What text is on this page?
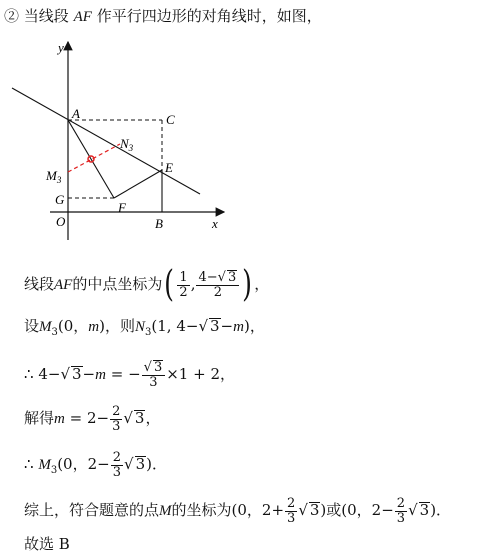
② 当线段 AF 作平行四边形的对角线时，如图，
y
x
A	C
$N_3$
$M_3$
E
G
O
F
B
线段AF的中点坐标为( $\frac{1}{2}$ , $\frac{4-√ 3}{2}$ ) ，
设$M_3(0$，m)，则$N_3(1$, 4−√ 3−m)，
∴ 4−√ 3−m = − $\frac{√ 3}{3} \times 1 + 2$，
解得$m = 2- \frac{2}{3}$ √ 3，
∴ $M_3(0$，$2- \frac{2}{3}$ √ 3)．
综上，符合题意的点M的坐标为(0，$2+ \frac{2}{3}$ √ 3)或(0，$2- \frac{2}{3}$ √ 3)．
故选 B
